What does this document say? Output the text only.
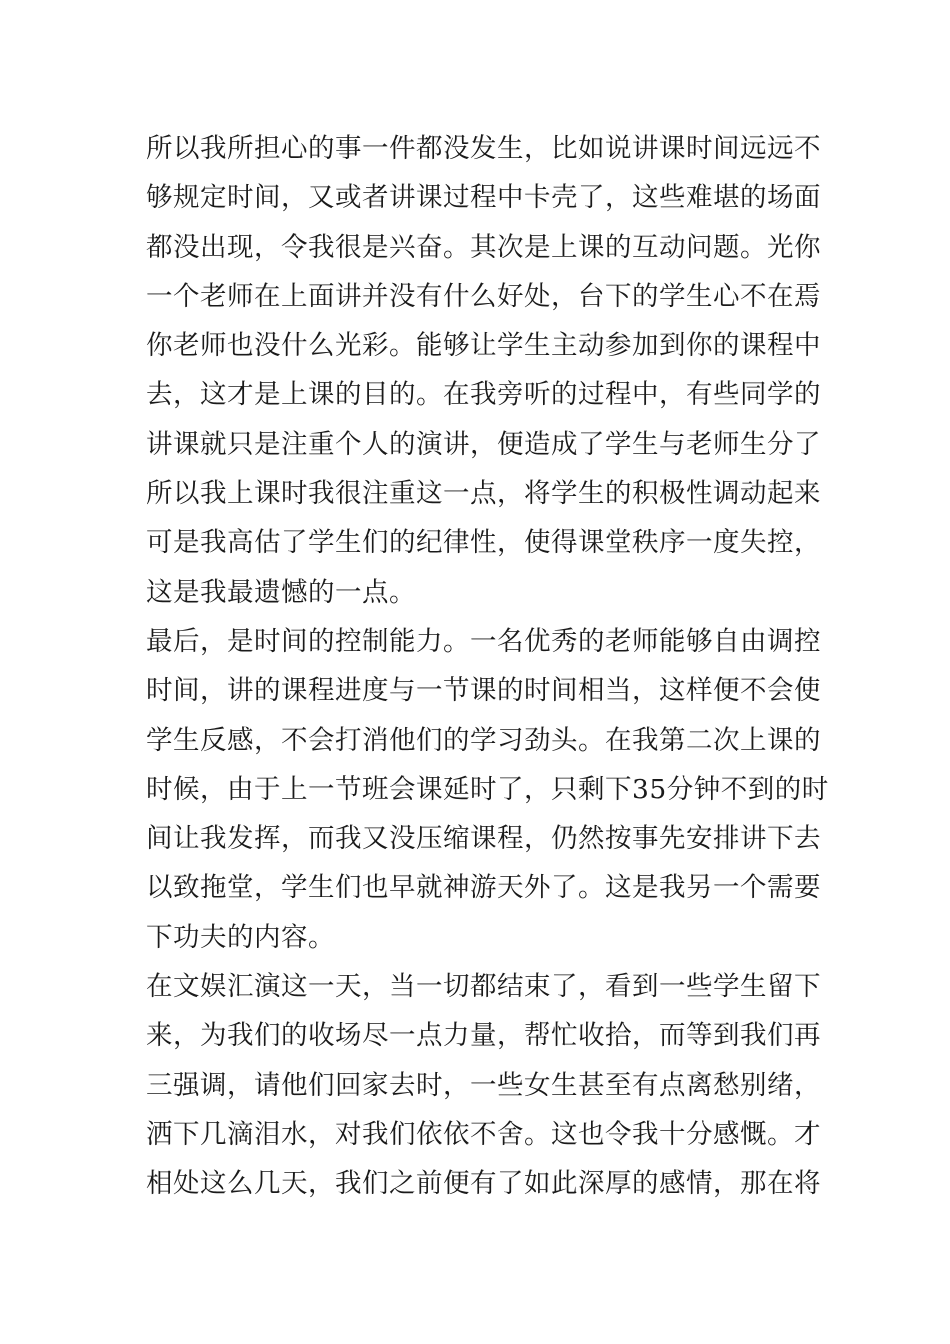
所以我所担心的事一件都没发生，比如说讲课时间远远不
够规定时间，又或者讲课过程中卡壳了，这些难堪的场面
都没出现，令我很是兴奋。其次是上课的互动问题。光你
一个老师在上面讲并没有什么好处，台下的学生心不在焉
你老师也没什么光彩。能够让学生主动参加到你的课程中
去，这才是上课的目的。在我旁听的过程中，有些同学的
讲课就只是注重个人的演讲，便造成了学生与老师生分了
所以我上课时我很注重这一点，将学生的积极性调动起来
可是我高估了学生们的纪律性，使得课堂秩序一度失控，
这是我最遗憾的一点。
最后，是时间的控制能力。一名优秀的老师能够自由调控
时间，讲的课程进度与一节课的时间相当，这样便不会使
学生反感，不会打消他们的学习劲头。在我第二次上课的
时候，由于上一节班会课延时了，只剩下35分钟不到的时
间让我发挥，而我又没压缩课程，仍然按事先安排讲下去
以致拖堂，学生们也早就神游天外了。这是我另一个需要
下功夫的内容。
在文娱汇演这一天，当一切都结束了，看到一些学生留下
来，为我们的收场尽一点力量，帮忙收拾，而等到我们再
三强调，请他们回家去时，一些女生甚至有点离愁别绪，
洒下几滴泪水，对我们依依不舍。这也令我十分感慨。才
相处这么几天，我们之前便有了如此深厚的感情，那在将
